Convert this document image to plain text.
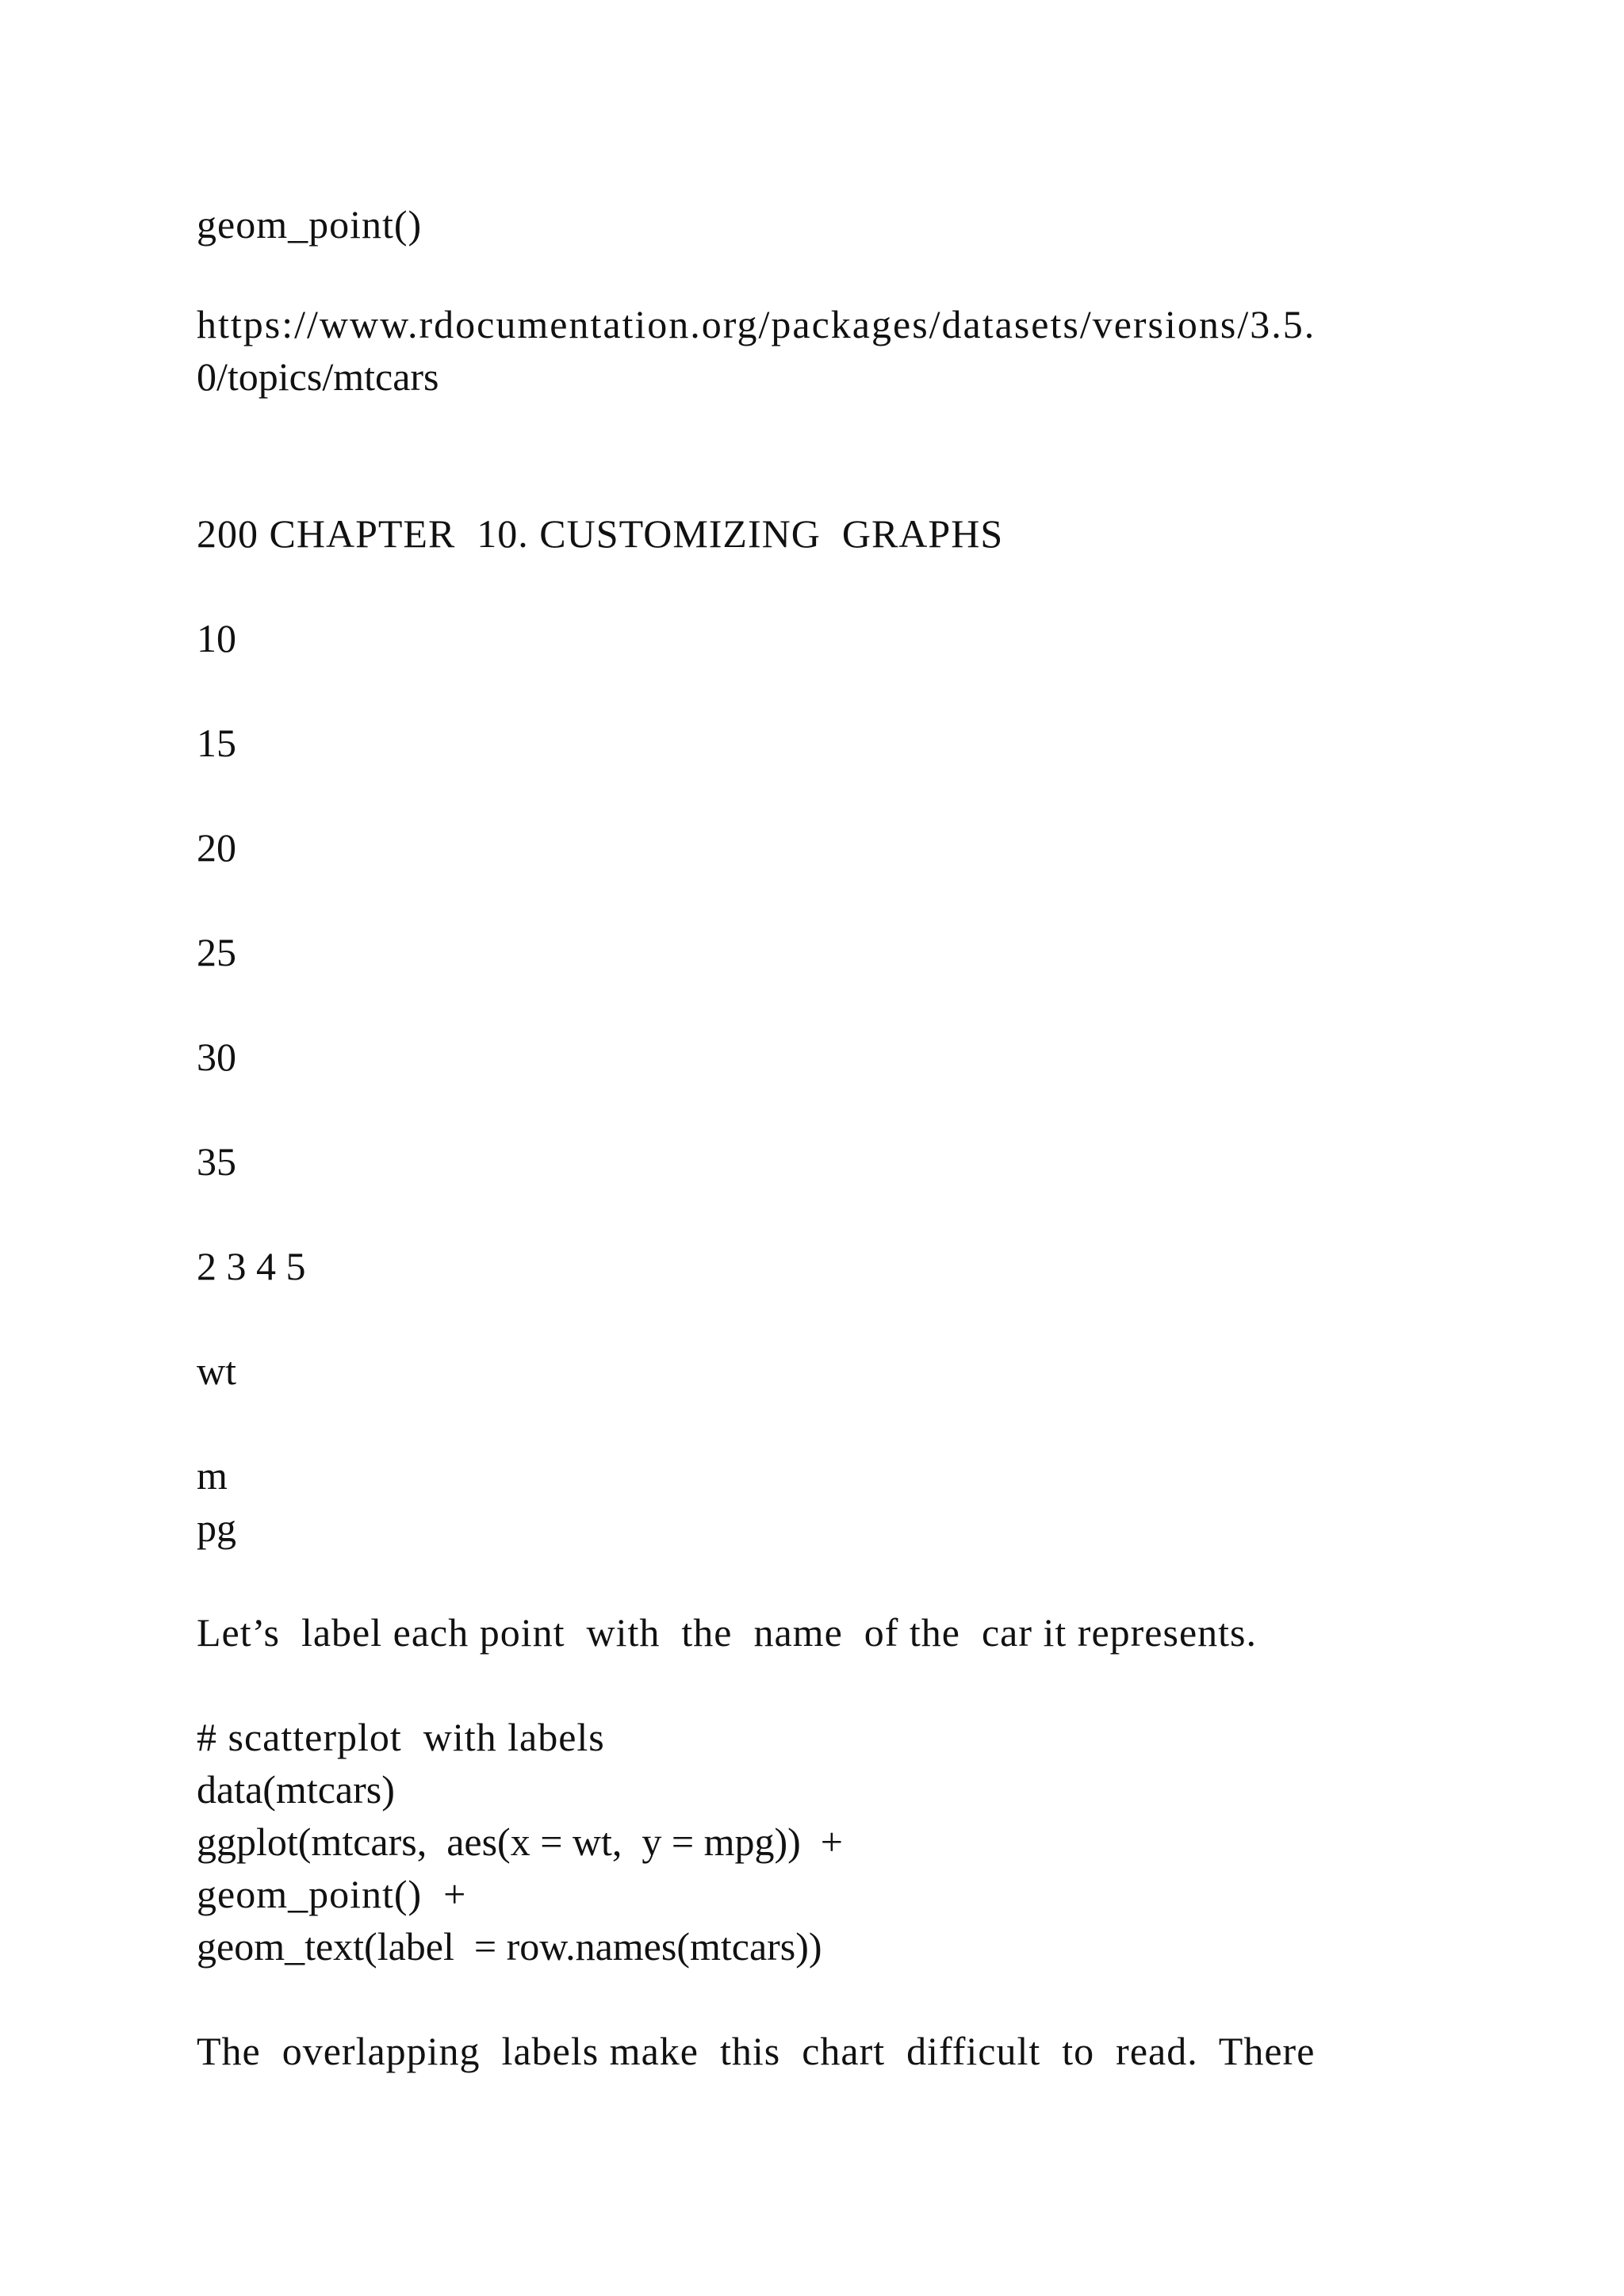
geom_point()

https://www.rdocumentation.org/packages/datasets/versions/3.5.

0/topics/mtcars

200 CHAPTER  10. CUSTOMIZING  GRAPHS

10

15

20

25

30

35

2 3 4 5

wt

m

pg

Let’s  label each point  with  the  name  of the  car it represents.

# scatterplot  with labels

data(mtcars)

ggplot(mtcars,  aes(x = wt,  y = mpg))  +

geom_point()  +

geom_text(label  = row.names(mtcars))

The  overlapping  labels make  this  chart  difficult  to  read.  There
